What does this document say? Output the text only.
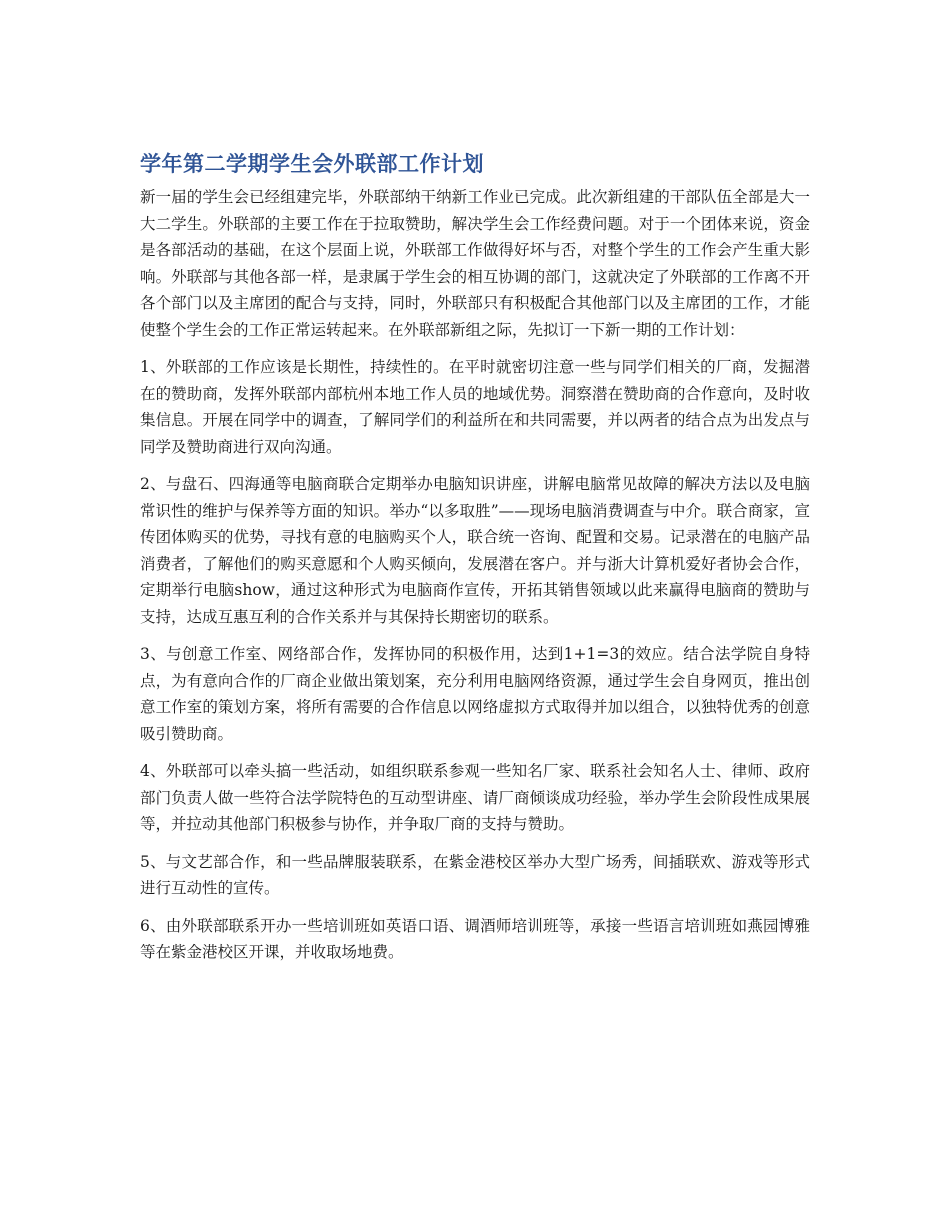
学年第二学期学生会外联部工作计划

新一届的学生会已经组建完毕，外联部纳干纳新工作业已完成。此次新组建的干部队伍全部是大一大二学生。外联部的主要工作在于拉取赞助，解决学生会工作经费问题。对于一个团体来说，资金是各部活动的基础，在这个层面上说，外联部工作做得好坏与否，对整个学生的工作会产生重大影响。外联部与其他各部一样，是隶属于学生会的相互协调的部门，这就决定了外联部的工作离不开各个部门以及主席团的配合与支持，同时，外联部只有积极配合其他部门以及主席团的工作，才能使整个学生会的工作正常运转起来。在外联部新组之际，先拟订一下新一期的工作计划：

1、外联部的工作应该是长期性，持续性的。在平时就密切注意一些与同学们相关的厂商，发掘潜在的赞助商，发挥外联部内部杭州本地工作人员的地域优势。洞察潜在赞助商的合作意向，及时收集信息。开展在同学中的调查，了解同学们的利益所在和共同需要，并以两者的结合点为出发点与同学及赞助商进行双向沟通。

2、与盘石、四海通等电脑商联合定期举办电脑知识讲座，讲解电脑常见故障的解决方法以及电脑常识性的维护与保养等方面的知识。举办“以多取胜”——现场电脑消费调查与中介。联合商家，宣传团体购买的优势，寻找有意的电脑购买个人，联合统一咨询、配置和交易。记录潜在的电脑产品消费者，了解他们的购买意愿和个人购买倾向，发展潜在客户。并与浙大计算机爱好者协会合作，定期举行电脑show，通过这种形式为电脑商作宣传，开拓其销售领域以此来赢得电脑商的赞助与支持，达成互惠互利的合作关系并与其保持长期密切的联系。

3、与创意工作室、网络部合作，发挥协同的积极作用，达到1+1=3的效应。结合法学院自身特点，为有意向合作的厂商企业做出策划案，充分利用电脑网络资源，通过学生会自身网页，推出创意工作室的策划方案，将所有需要的合作信息以网络虚拟方式取得并加以组合，以独特优秀的创意吸引赞助商。

4、外联部可以牵头搞一些活动，如组织联系参观一些知名厂家、联系社会知名人士、律师、政府部门负责人做一些符合法学院特色的互动型讲座、请厂商倾谈成功经验，举办学生会阶段性成果展等，并拉动其他部门积极参与协作，并争取厂商的支持与赞助。

5、与文艺部合作，和一些品牌服装联系，在紫金港校区举办大型广场秀，间插联欢、游戏等形式进行互动性的宣传。

6、由外联部联系开办一些培训班如英语口语、调酒师培训班等，承接一些语言培训班如燕园博雅等在紫金港校区开课，并收取场地费。
